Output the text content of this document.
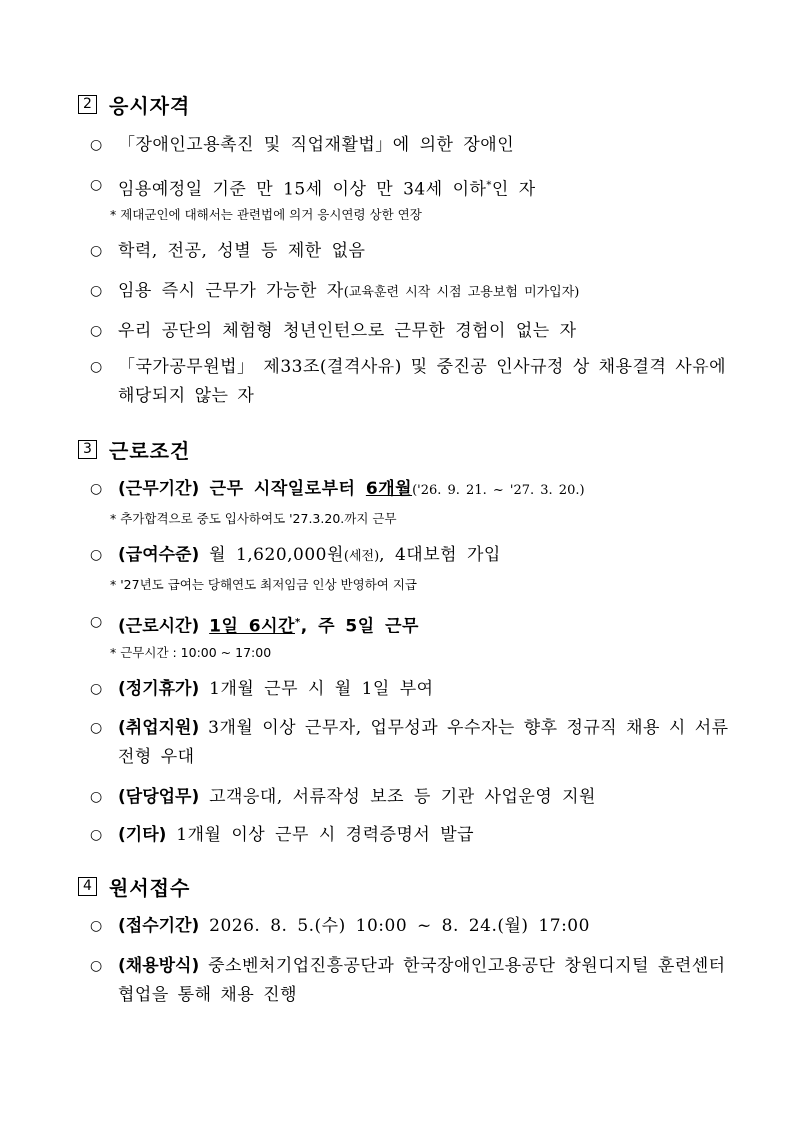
2 응시자격
○ 「장애인고용촉진 및 직업재활법」에 의한 장애인
○ 임용예정일 기준 만 15세 이상 만 34세 이하*인 자
* 제대군인에 대해서는 관련법에 의거 응시연령 상한 연장
○ 학력, 전공, 성별 등 제한 없음
○ 임용 즉시 근무가 가능한 자(교육훈련 시작 시점 고용보험 미가입자)
○ 우리 공단의 체험형 청년인턴으로 근무한 경험이 없는 자
○ 「국가공무원법」 제33조(결격사유) 및 중진공 인사규정 상 채용결격 사유에 해당되지 않는 자
3 근로조건
○ (근무기간) 근무 시작일로부터 6개월('26. 9. 21. ~ '27. 3. 20.)
* 추가합격으로 중도 입사하여도 '27.3.20.까지 근무
○ (급여수준) 월 1,620,000원(세전), 4대보험 가입
* '27년도 급여는 당해연도 최저임금 인상 반영하여 지급
○ (근로시간) 1일 6시간*, 주 5일 근무
* 근무시간 : 10:00 ~ 17:00
○ (정기휴가) 1개월 근무 시 월 1일 부여
○ (취업지원) 3개월 이상 근무자, 업무성과 우수자는 향후 정규직 채용 시 서류전형 우대
○ (담당업무) 고객응대, 서류작성 보조 등 기관 사업운영 지원
○ (기타) 1개월 이상 근무 시 경력증명서 발급
4 원서접수
○ (접수기간) 2026. 8. 5.(수) 10:00 ~ 8. 24.(월) 17:00
○ (채용방식) 중소벤처기업진흥공단과 한국장애인고용공단 창원디지털 훈련센터 협업을 통해 채용 진행
